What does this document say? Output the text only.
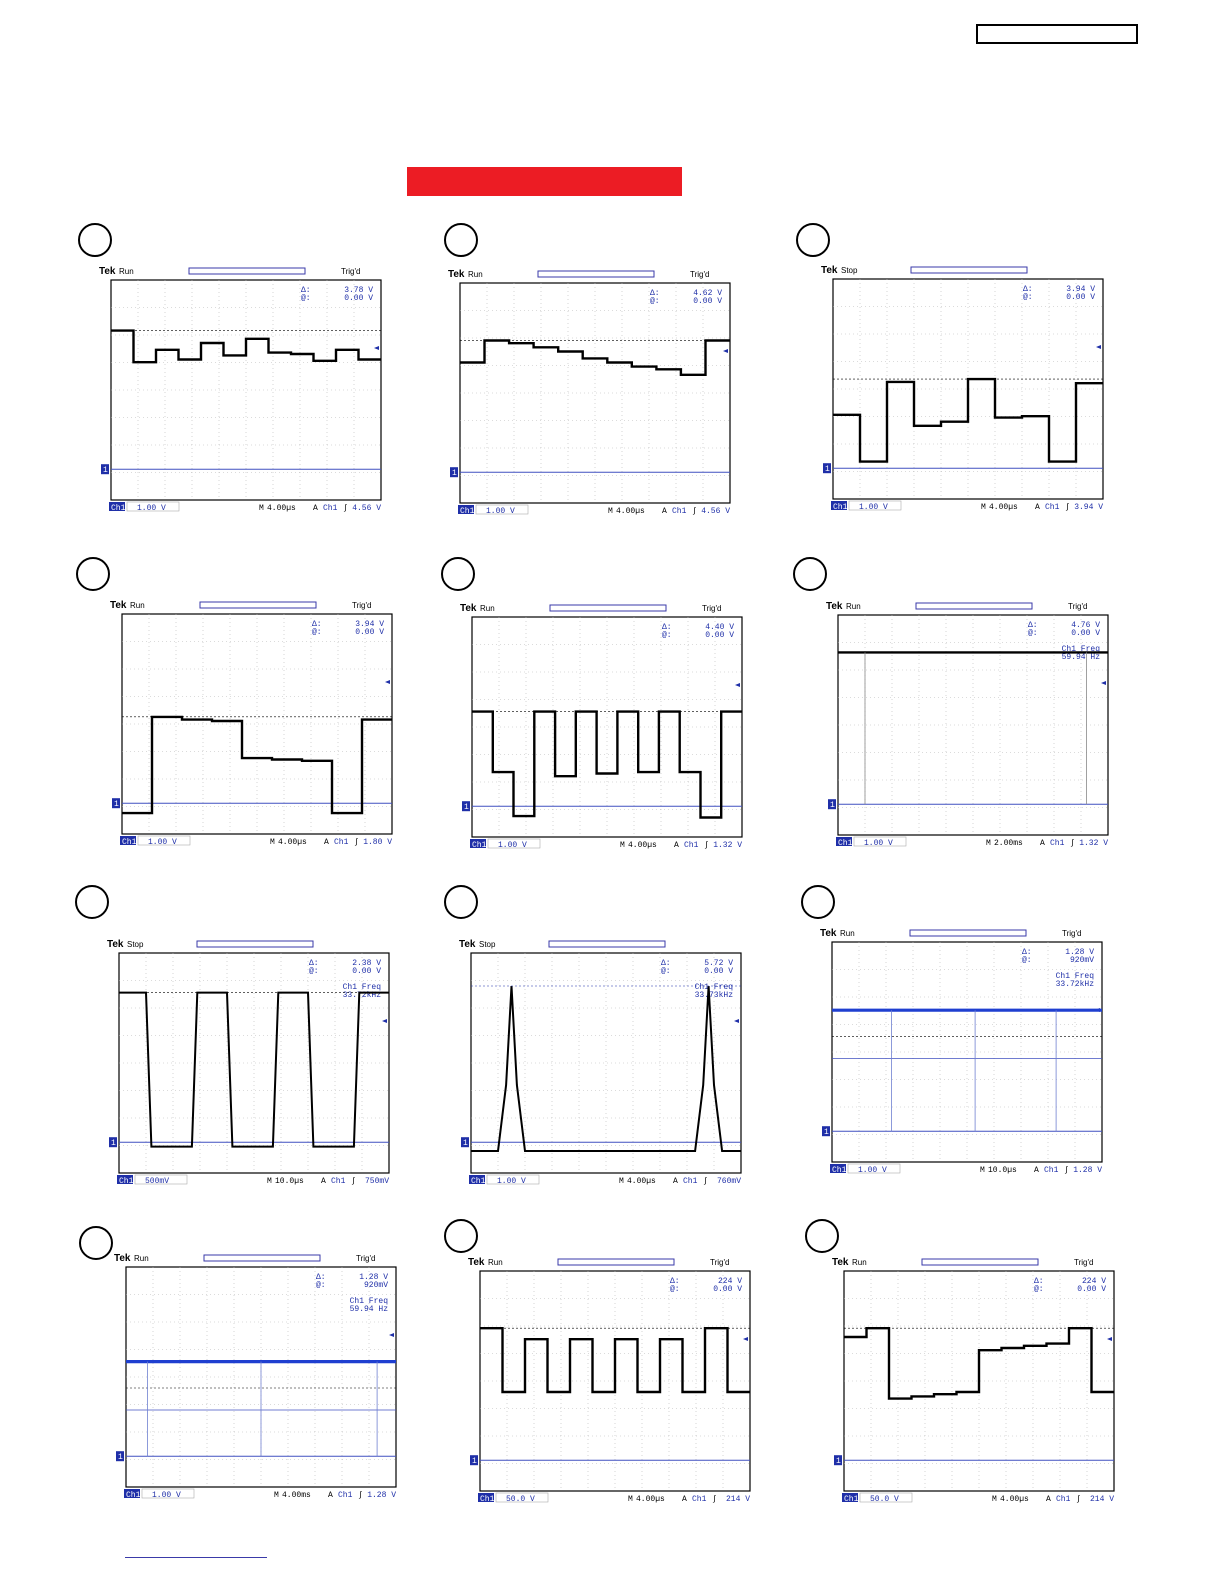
Tek Run	Trig'd
Δ:	3.78 V
@:	0.00 V
1
Ch1 1.00 V	M 4.00µs A Ch1 ∫ 4.56 V
Tek Run	Trig'd
Δ:	4.62 V
@:	0.00 V
1
Ch1 1.00 V	M 4.00µs A Ch1 ∫ 4.56 V
Tek Stop
Δ:	3.94 V
@:	0.00 V
1
Ch1 1.00 V	M 4.00µs A Ch1 ∫ 3.94 V
Tek Run	Trig'd
Δ:	3.94 V
@:	0.00 V
1
Ch1 1.00 V	M 4.00µs A Ch1 ∫ 1.80 V
Tek Run	Trig'd
Δ:	4.40 V
@:	0.00 V
1
Ch1 1.00 V	M 4.00µs A Ch1 ∫ 1.32 V
Tek Run	Trig'd
Δ:	4.76 V
@:	0.00 V
Ch1 Freq
59.94 Hz
1
Ch1 1.00 V	M 2.00ms A Ch1 ∫ 1.32 V
Tek Stop
Δ:	2.38 V
@:	0.00 V
Ch1 Freq
33.72kHz
1
Ch1 500mV	M 10.0µs A Ch1 ∫ 750mV
Tek Stop
Δ:	5.72 V
@:	0.00 V
Ch1 Freq
33.73kHz
1
Ch1 1.00 V	M 4.00µs A Ch1 ∫ 760mV
Tek Run	Trig'd
Δ:	1.28 V
@:	920mV
Ch1 Freq
33.72kHz
1
Ch1 1.00 V	M 10.0µs A Ch1 ∫ 1.28 V
Tek Run	Trig'd
Δ:	1.28 V
@:	920mV
Ch1 Freq
59.94 Hz
1
Ch1 1.00 V	M 4.00ms A Ch1 ∫ 1.28 V
Tek Run	Trig'd
Δ:	224 V
@:	0.00 V
1
Ch1 50.0 V	M 4.00µs A Ch1 ∫ 214 V
Tek Run	Trig'd
Δ:	224 V
@:	0.00 V
1
Ch1 50.0 V	M 4.00µs A Ch1 ∫ 214 V
